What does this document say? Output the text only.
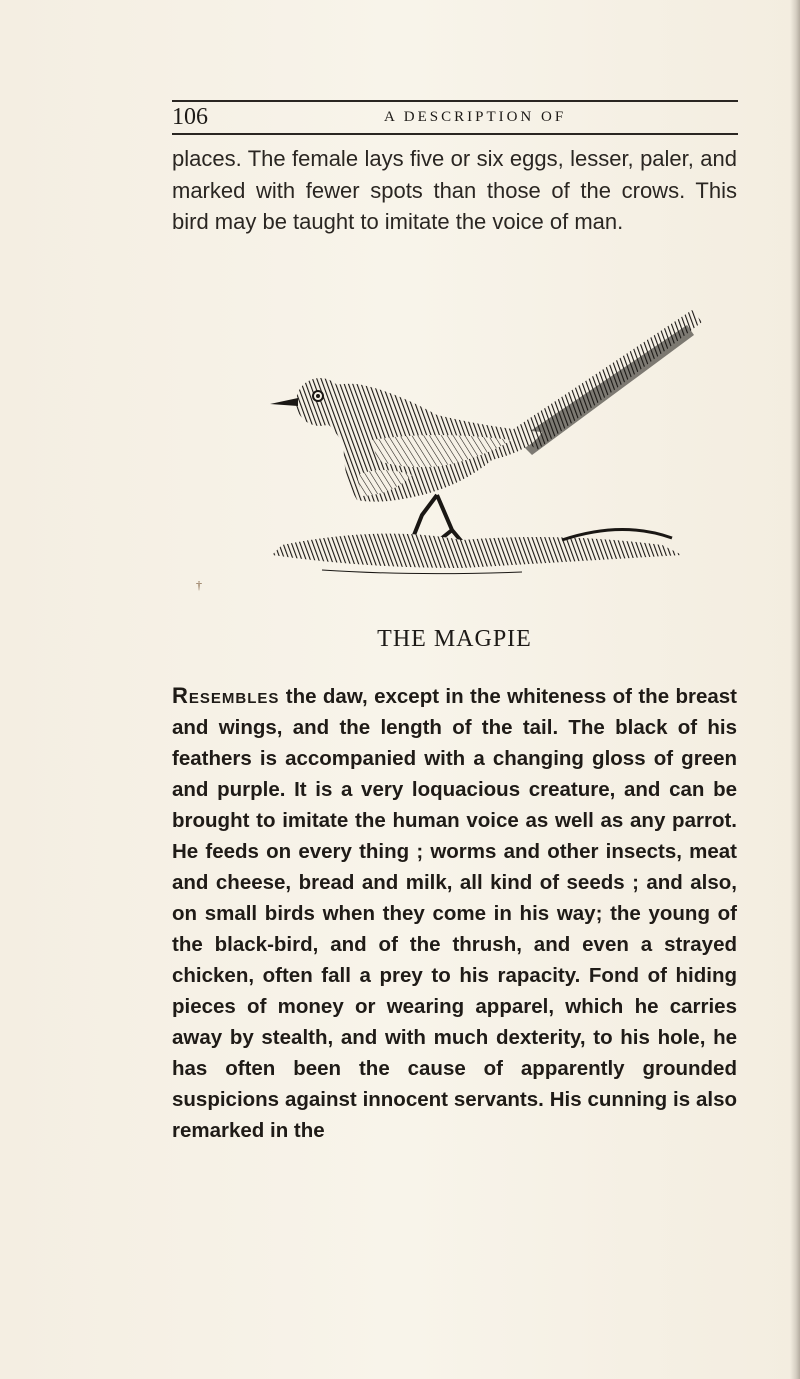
106	A DESCRIPTION OF

places. The female lays five or six eggs, lesser, paler, and marked with fewer spots than those of the crows. This bird may be taught to imitate the voice of man.

†
THE MAGPIE

Resembles the daw, except in the whiteness of the breast and wings, and the length of the tail. The black of his feathers is accompanied with a changing gloss of green and purple. It is a very loquacious creature, and can be brought to imitate the human voice as well as any parrot. He feeds on every thing ; worms and other insects, meat and cheese, bread and milk, all kind of seeds ; and also, on small birds when they come in his way; the young of the black-bird, and of the thrush, and even a strayed chicken, often fall a prey to his rapacity. Fond of hiding pieces of money or wearing apparel, which he carries away by stealth, and with much dexterity, to his hole, he has often been the cause of apparently grounded suspicions against innocent servants. His cunning is also remarked in the
